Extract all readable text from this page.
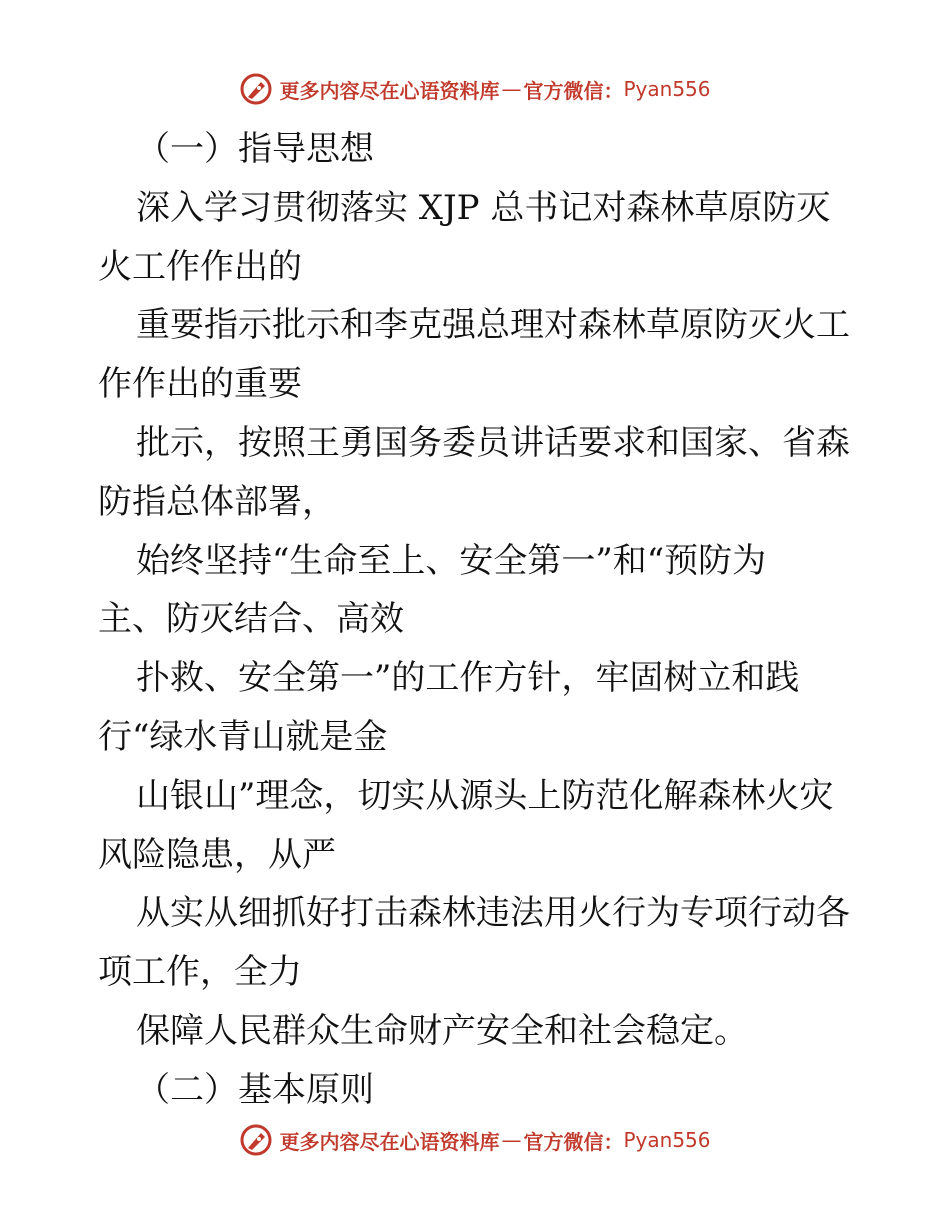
更多内容尽在心语资料库 — 官方微信： Pyan556
（一）指导思想
深入学习贯彻落实 XJP 总书记对森林草原防灭
火工作作出的
重要指示批示和李克强总理对森林草原防灭火工
作作出的重要
批示，按照王勇国务委员讲话要求和国家、省森
防指总体部署，
始终坚持“生命至上、安全第一”和“预防为
主、防灭结合、高效
扑救、安全第一”的工作方针，牢固树立和践
行“绿水青山就是金
山银山”理念，切实从源头上防范化解森林火灾
风险隐患，从严
从实从细抓好打击森林违法用火行为专项行动各
项工作，全力
保障人民群众生命财产安全和社会稳定。
（二）基本原则
更多内容尽在心语资料库 — 官方微信： Pyan556
